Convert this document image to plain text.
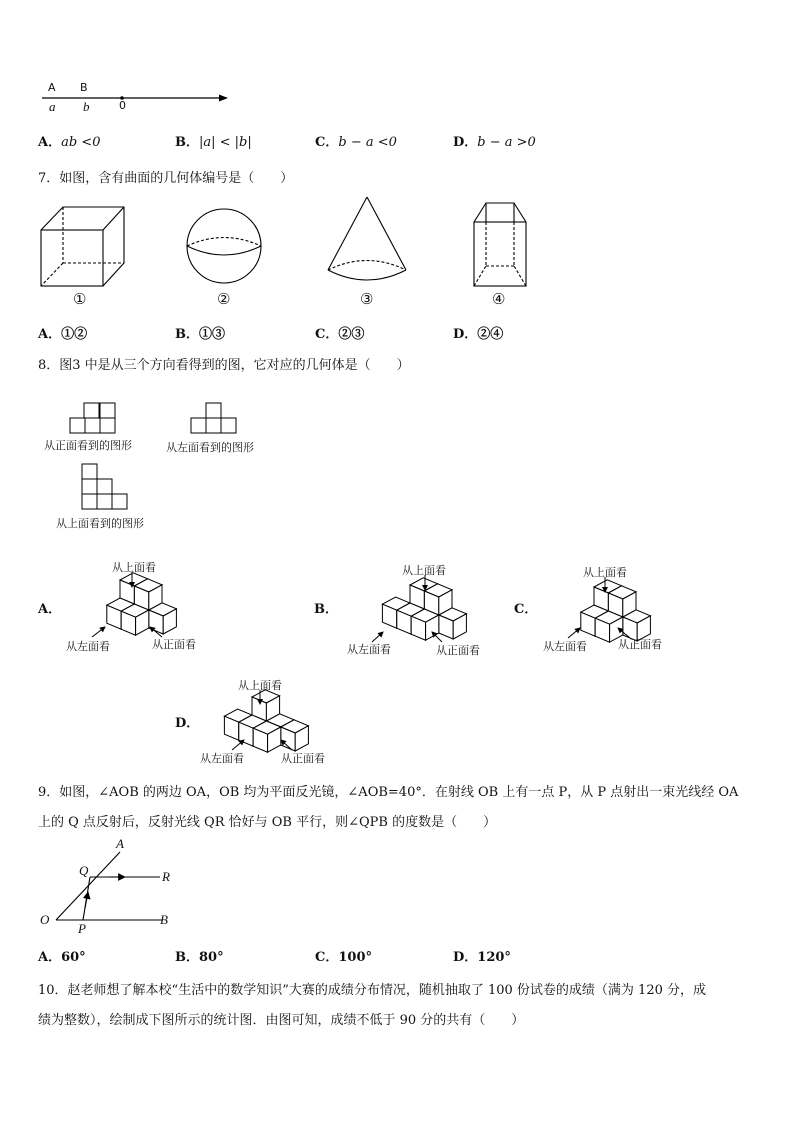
A B
a b	0
A．ab <0	B．|a| < |b|	C．b − a <0	D．b − a >0
7．如图，含有曲面的几何体编号是（　　）
①	②	③	④
A．①②	B．①③	C．②③	D．②④
8．图3 中是从三个方向看得到的图，它对应的几何体是（　　）
从正面看到的图形	从左面看到的图形
从上面看到的图形
A．	B．	C．
D．
从上面看
从左面看	从正面看
从上面看
从左面看	从正面看
从上面看
从左面看	从正面看
从上面看
从左面看	从正面看
9．如图，∠AOB 的两边 OA，OB 均为平面反光镜，∠AOB=40°．在射线 OB 上有一点 P，从 P 点射出一束光线经 OA
上的 Q 点反射后，反射光线 QR 恰好与 OB 平行，则∠QPB 的度数是（　　）
A
Q	R
O
P
B
A．60°	B．80°	C．100°	D．120°
10．赵老师想了解本校“生活中的数学知识”大赛的成绩分布情况，随机抽取了 100 份试卷的成绩（满为 120 分，成
绩为整数），绘制成下图所示的统计图．由图可知，成绩不低于 90 分的共有（　　）
